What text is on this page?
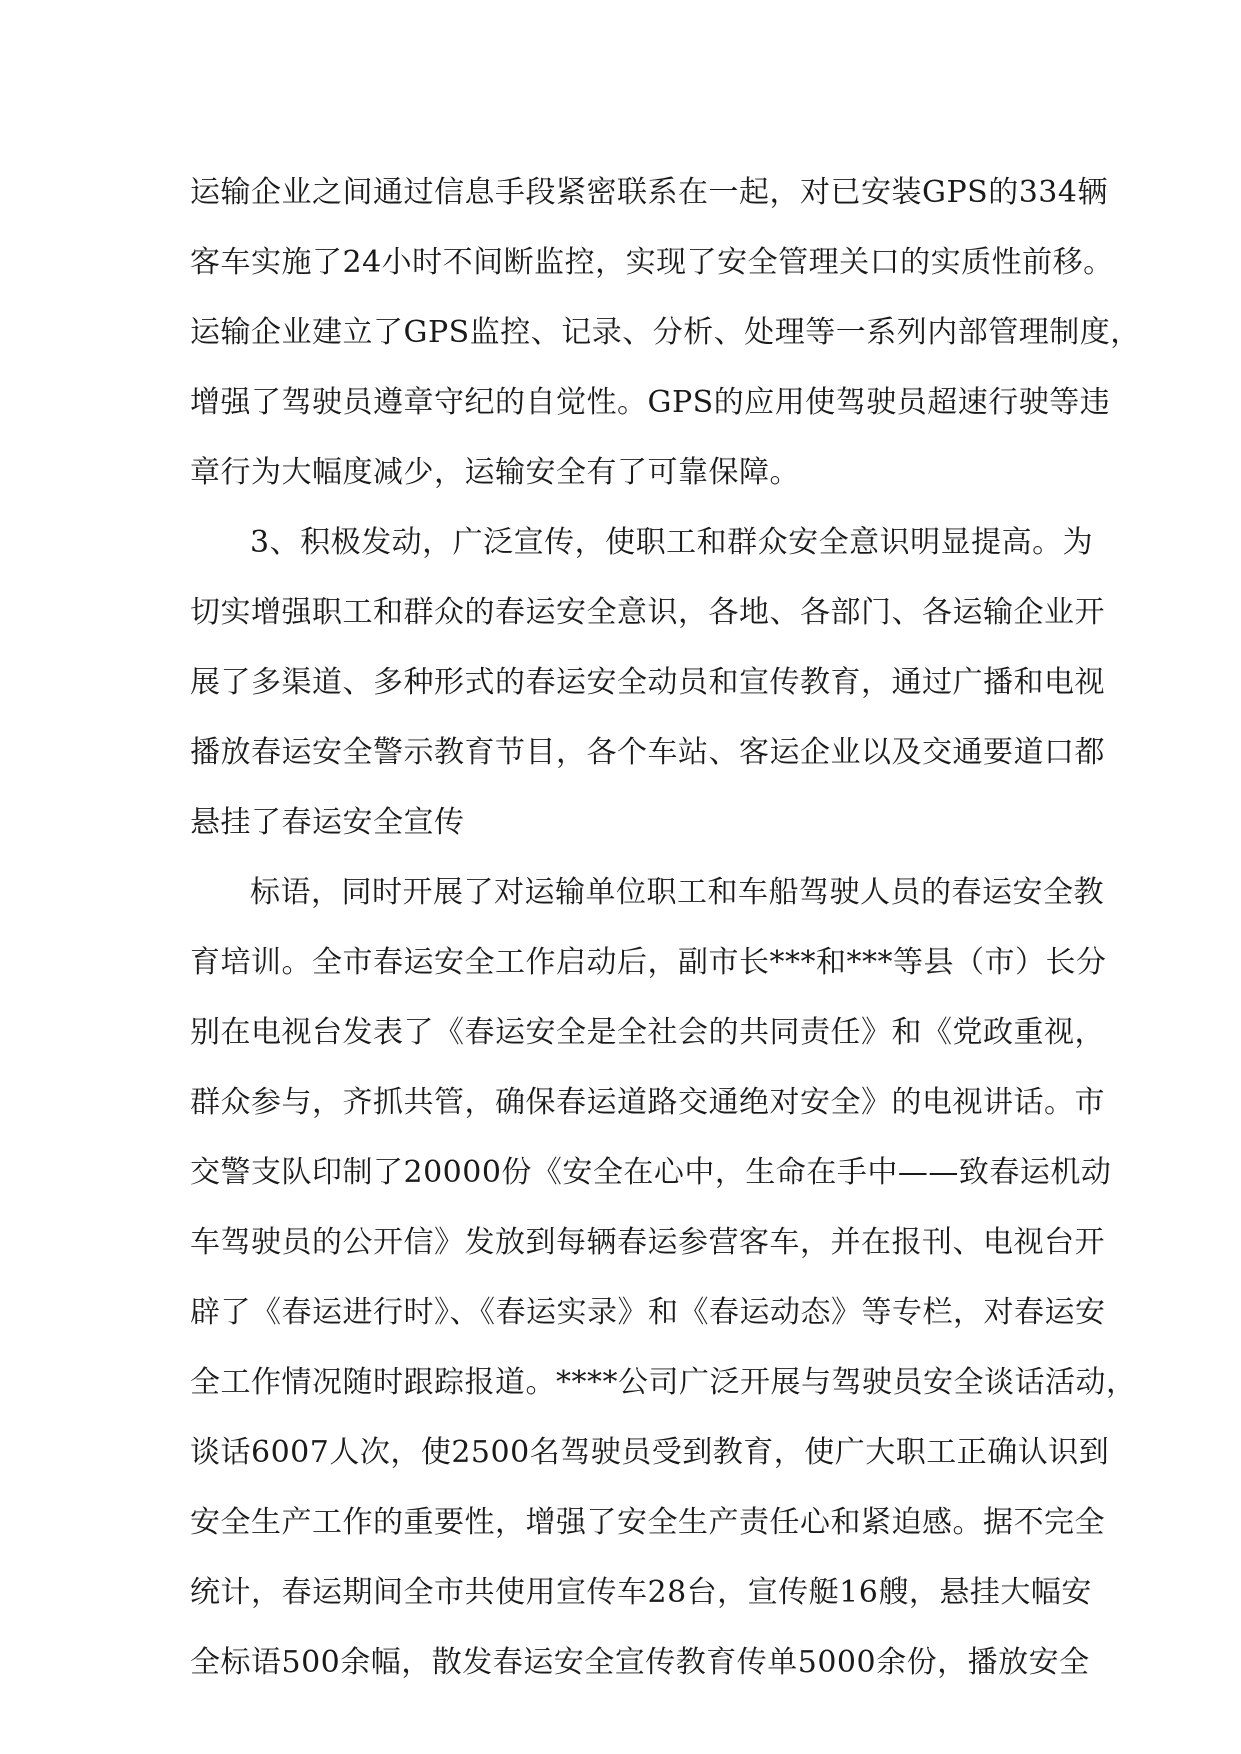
运输企业之间通过信息手段紧密联系在一起，对已安装GPS的334辆
客车实施了24小时不间断监控，实现了安全管理关口的实质性前移。
运输企业建立了GPS监控、记录、分析、处理等一系列内部管理制度，
增强了驾驶员遵章守纪的自觉性。GPS的应用使驾驶员超速行驶等违
章行为大幅度减少，运输安全有了可靠保障。
3、积极发动，广泛宣传，使职工和群众安全意识明显提高。为
切实增强职工和群众的春运安全意识，各地、各部门、各运输企业开
展了多渠道、多种形式的春运安全动员和宣传教育，通过广播和电视
播放春运安全警示教育节目，各个车站、客运企业以及交通要道口都
悬挂了春运安全宣传
标语，同时开展了对运输单位职工和车船驾驶人员的春运安全教
育培训。全市春运安全工作启动后，副市长***和***等县（市）长分
别在电视台发表了《春运安全是全社会的共同责任》和《党政重视，
群众参与，齐抓共管，确保春运道路交通绝对安全》的电视讲话。市
交警支队印制了20000份《安全在心中，生命在手中——致春运机动
车驾驶员的公开信》发放到每辆春运参营客车，并在报刊、电视台开
辟了《春运进行时》、《春运实录》和《春运动态》等专栏，对春运安
全工作情况随时跟踪报道。****公司广泛开展与驾驶员安全谈话活动，
谈话6007人次，使2500名驾驶员受到教育，使广大职工正确认识到
安全生产工作的重要性，增强了安全生产责任心和紧迫感。据不完全
统计，春运期间全市共使用宣传车28台，宣传艇16艘，悬挂大幅安
全标语500余幅，散发春运安全宣传教育传单5000余份，播放安全
